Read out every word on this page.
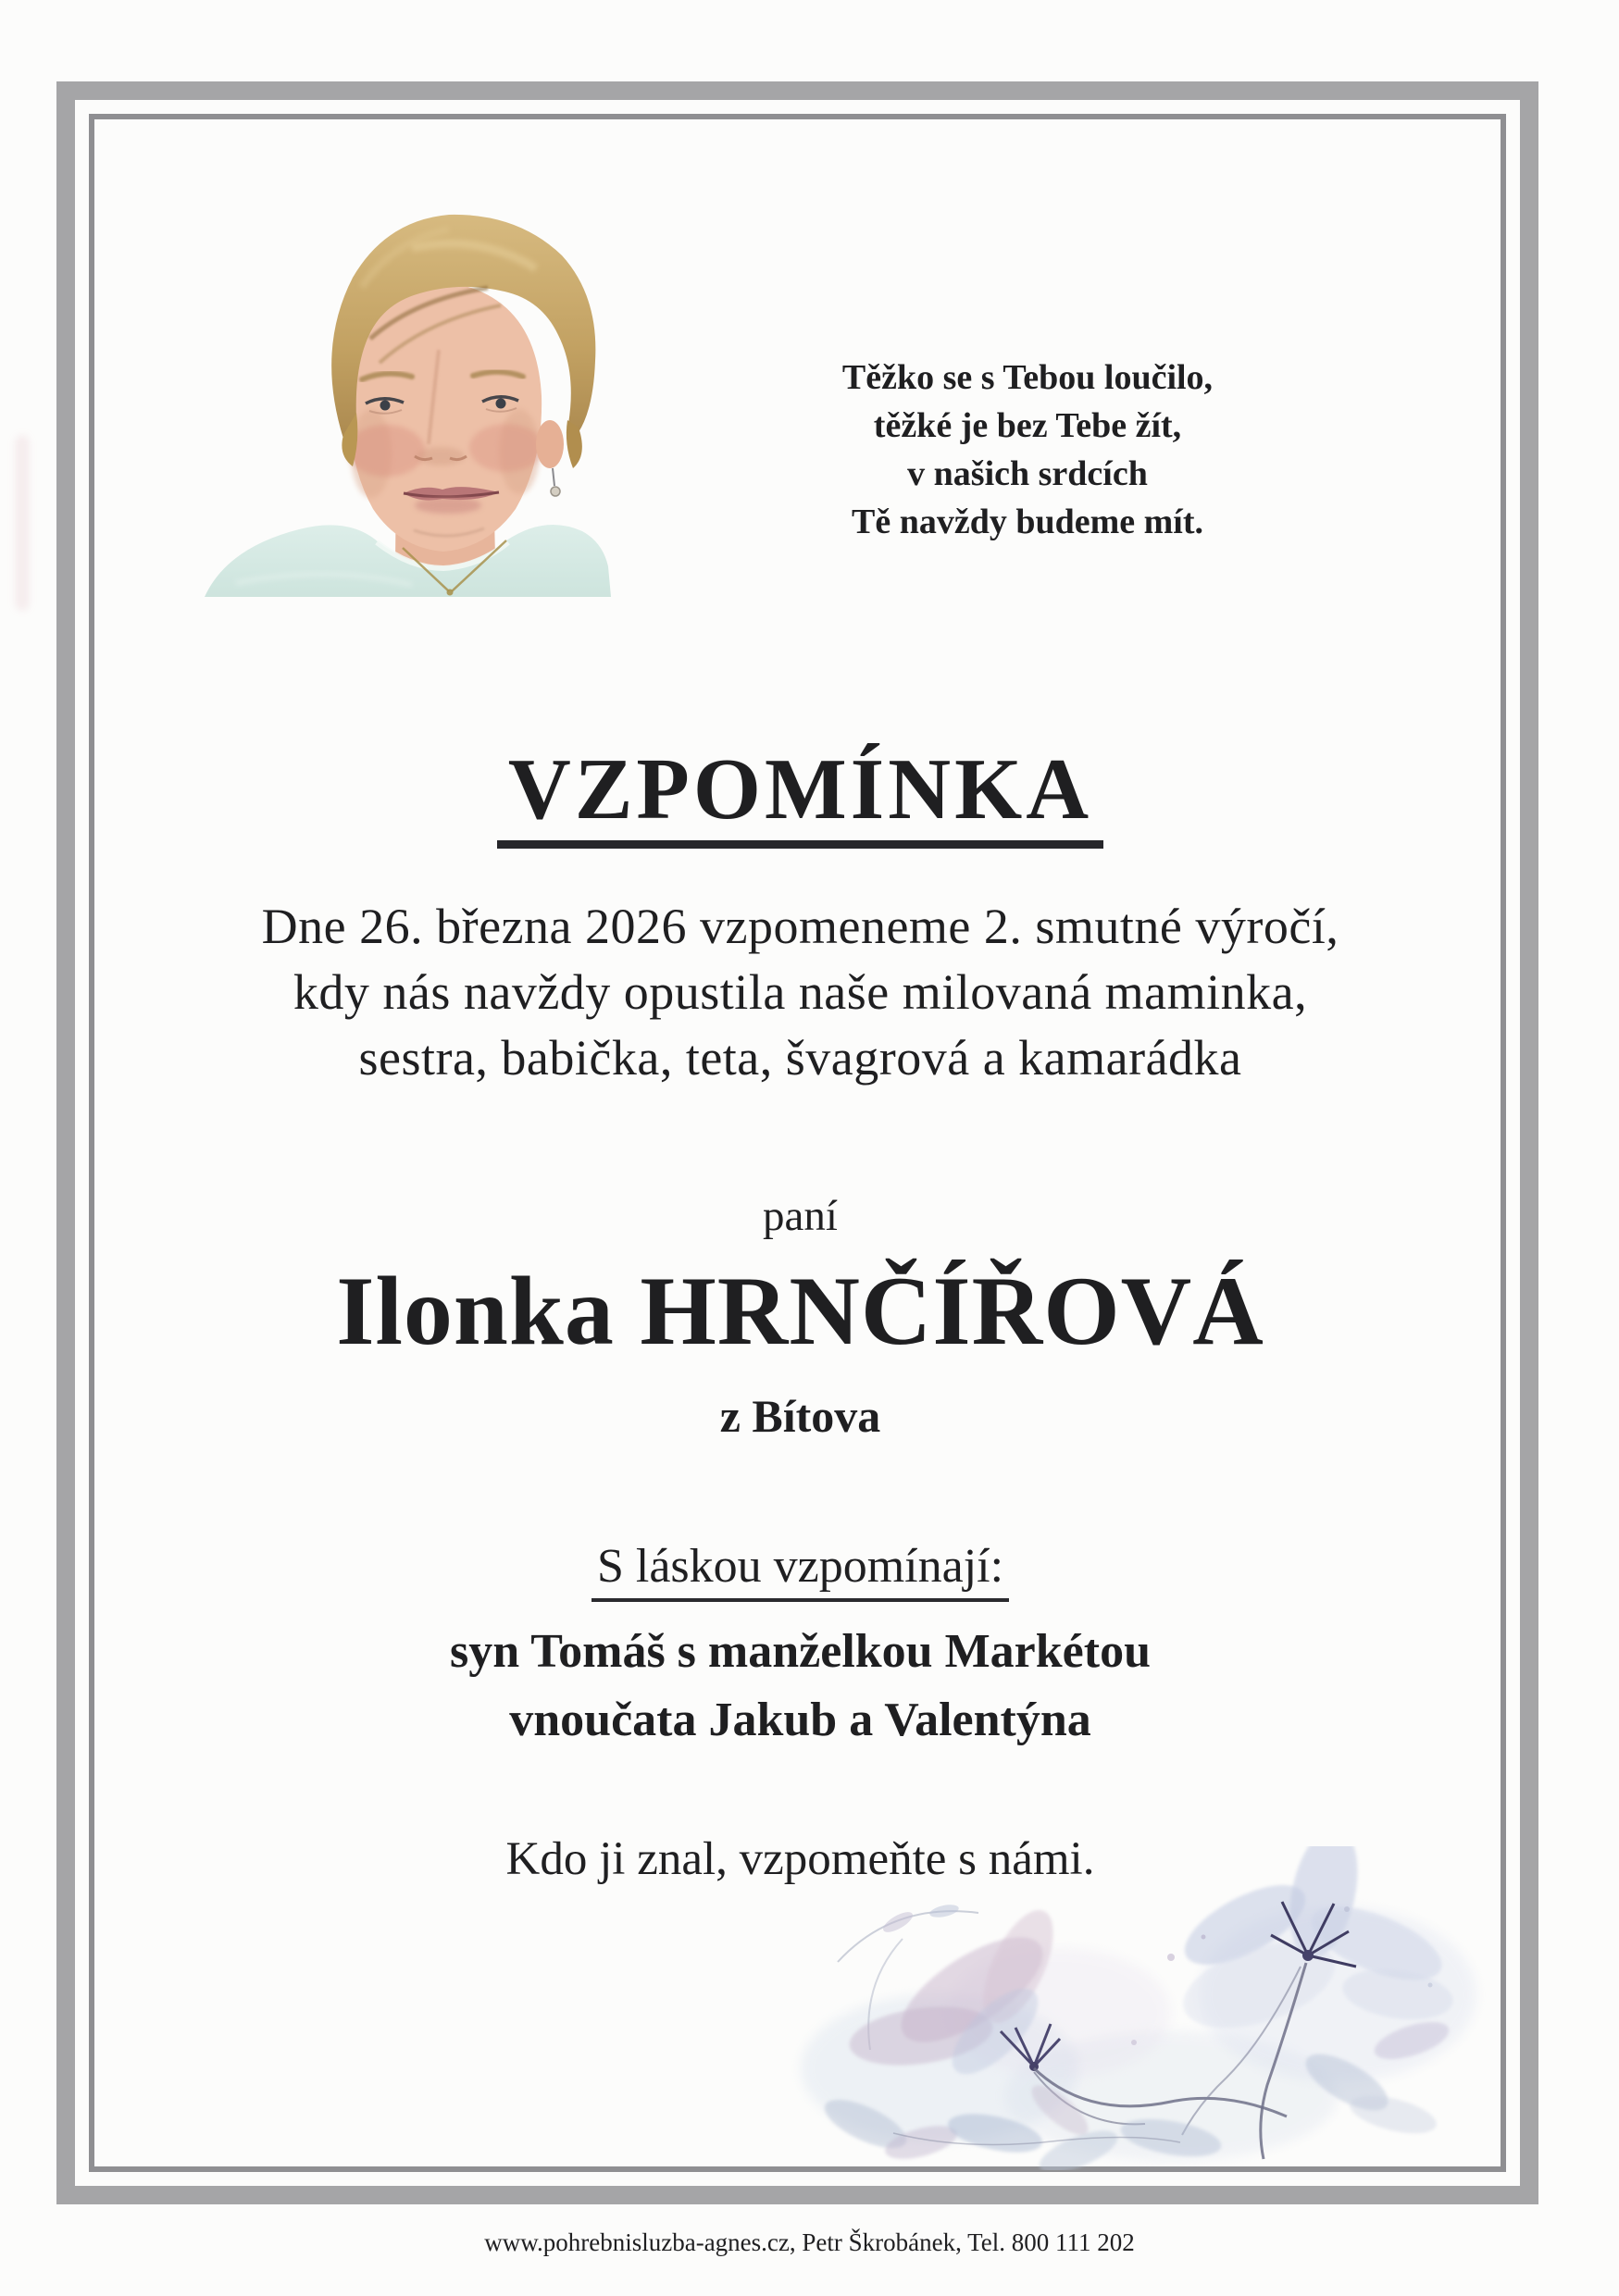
Těžko se s Tebou loučilo,
těžké je bez Tebe žít,
v našich srdcích
Tě navždy budeme mít.
VZPOMÍNKA
Dne 26. března 2026 vzpomeneme 2. smutné výročí,
kdy nás navždy opustila naše milovaná maminka,
sestra, babička, teta, švagrová a kamarádka
paní
Ilonka HRNČÍŘOVÁ
z Bítova
S láskou vzpomínají:
syn Tomáš s manželkou Markétou
vnoučata Jakub a Valentýna
Kdo ji znal, vzpomeňte s námi.
www.pohrebnisluzba-agnes.cz, Petr Škrobánek, Tel. 800 111 202
